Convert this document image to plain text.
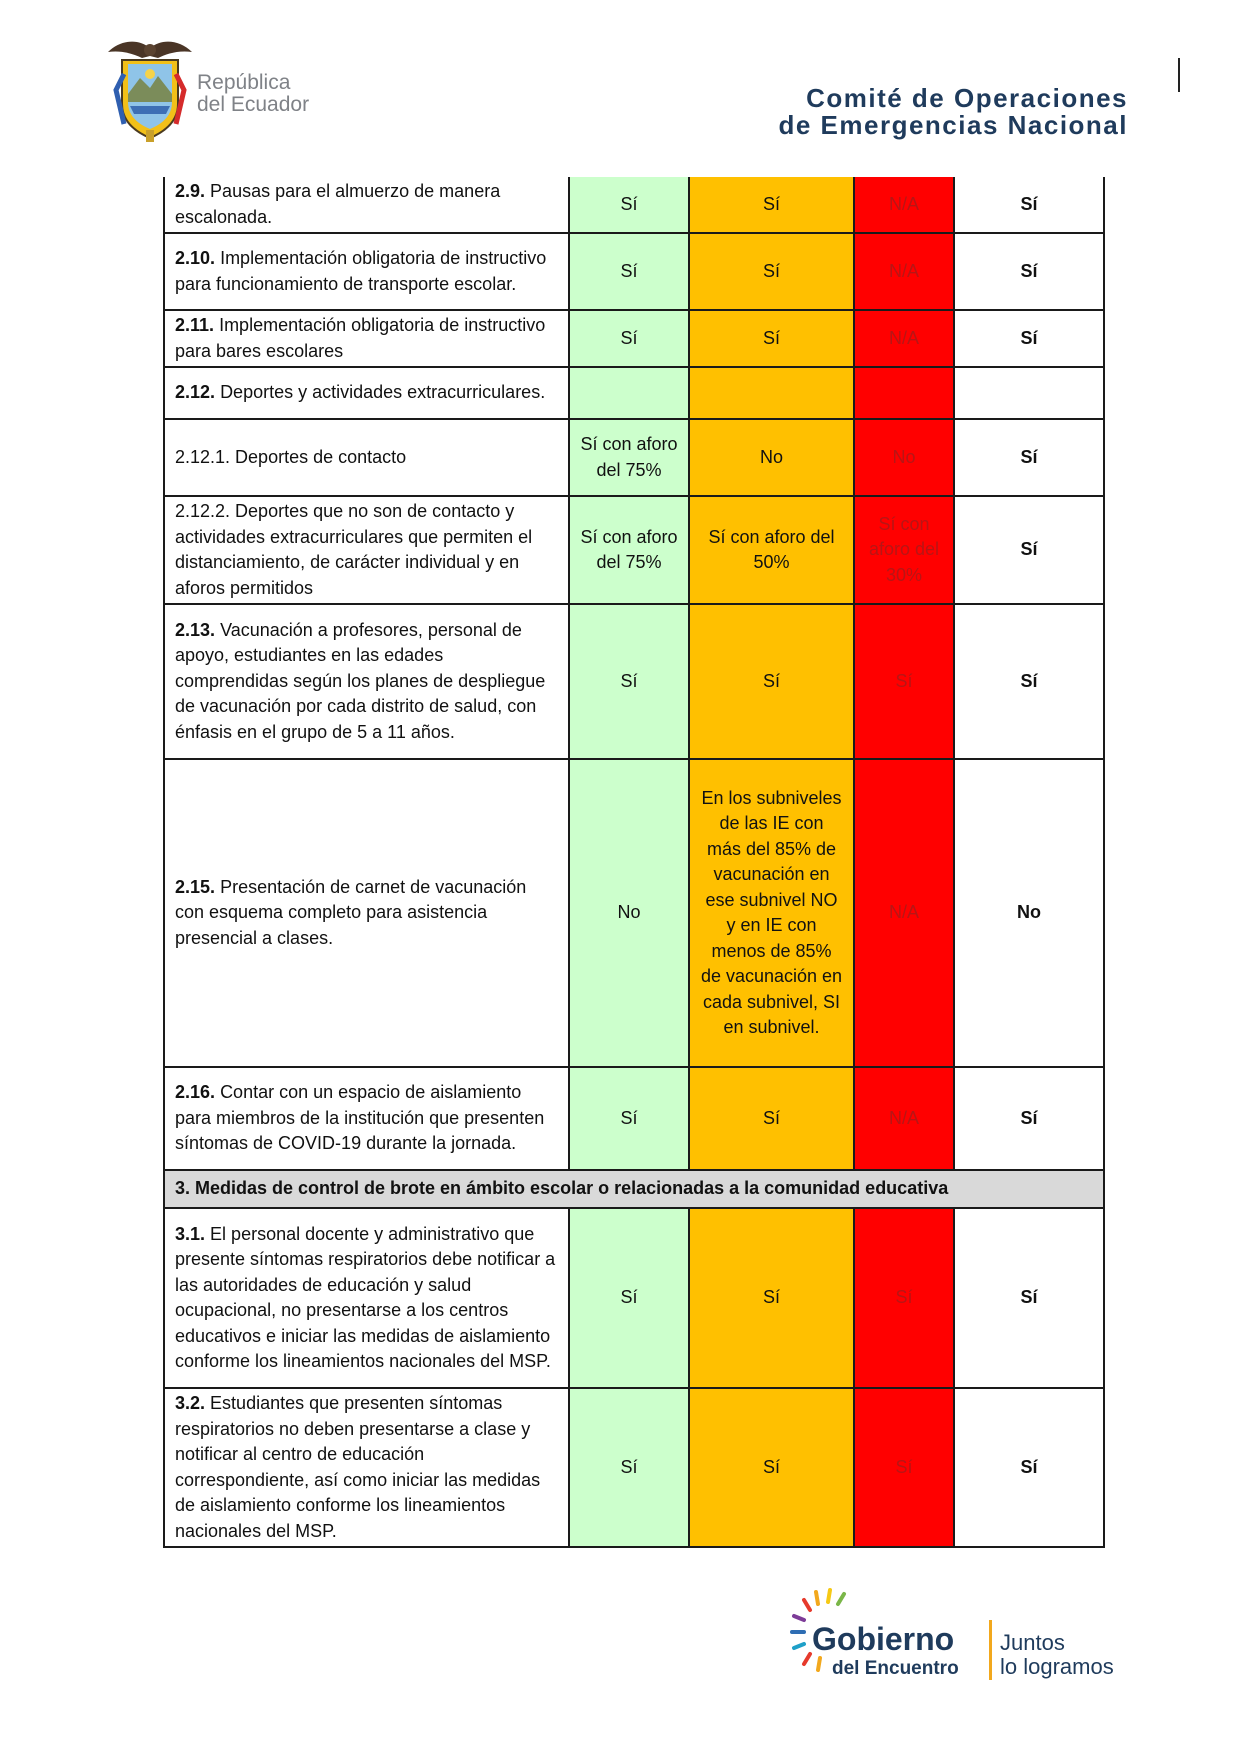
República
del Ecuador	Comité de Operaciones
de Emergencias Nacional
2.9. Pausas para el almuerzo de manera escalonada.	Sí	Sí	N/A	Sí
2.10. Implementación obligatoria de instructivo para funcionamiento de transporte escolar.	Sí	Sí	N/A	Sí
2.11. Implementación obligatoria de instructivo para bares escolares	Sí	Sí	N/A	Sí
2.12. Deportes y actividades extracurriculares.				
2.12.1. Deportes de contacto	Sí con aforo del 75%	No	No	Sí
2.12.2. Deportes que no son de contacto y actividades extracurriculares que permiten el distanciamiento, de carácter individual y en aforos permitidos	Sí con aforo del 75%	Sí con aforo del 50%	Sí con aforo del 30%	Sí
2.13. Vacunación a profesores, personal de apoyo, estudiantes en las edades comprendidas según los planes de despliegue de vacunación por cada distrito de salud, con énfasis en el grupo de 5 a 11 años.	Sí	Sí	Sí	Sí
2.15. Presentación de carnet de vacunación con esquema completo para asistencia presencial a clases.	No	En los subniveles de las IE con más del 85% de vacunación en ese subnivel NO y en IE con menos de 85% de vacunación en cada subnivel, SI en subnivel.	N/A	No
2.16. Contar con un espacio de aislamiento para miembros de la institución que presenten síntomas de COVID-19 durante la jornada.	Sí	Sí	N/A	Sí
3. Medidas de control de brote en ámbito escolar o relacionadas a la comunidad educativa				
3.1. El personal docente y administrativo que presente síntomas respiratorios debe notificar a las autoridades de educación y salud ocupacional, no presentarse a los centros educativos e iniciar las medidas de aislamiento conforme los lineamientos nacionales del MSP.	Sí	Sí	Sí	Sí
3.2. Estudiantes que presenten síntomas respiratorios no deben presentarse a clase y notificar al centro de educación correspondiente, así como iniciar las medidas de aislamiento conforme los lineamientos nacionales del MSP.	Sí	Sí	Sí	Sí
Gobierno
del Encuentro
Juntos
lo logramos
